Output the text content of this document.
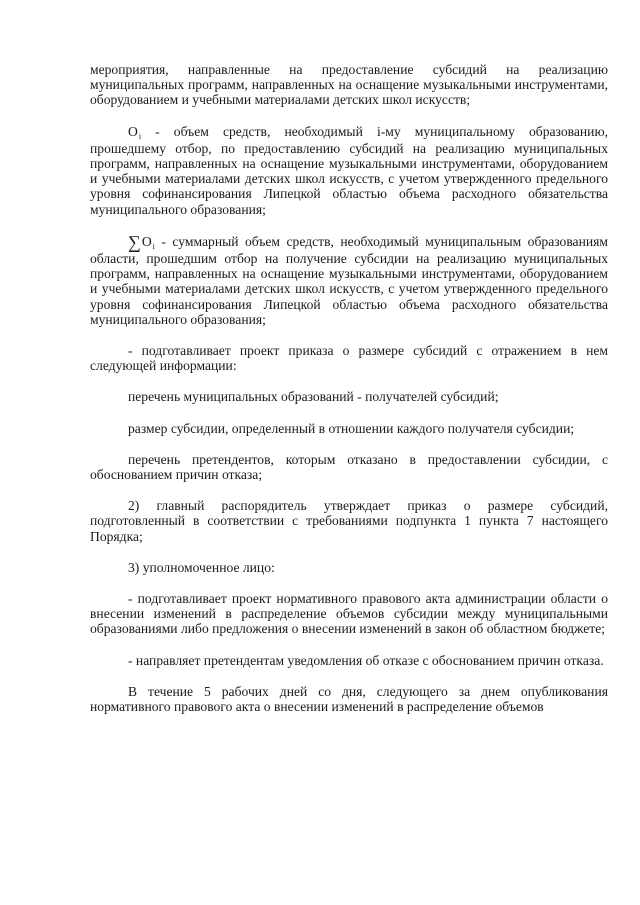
мероприятия, направленные на предоставление субсидий на реализацию муниципальных программ, направленных на оснащение музыкальными инструментами, оборудованием и учебными материалами детских школ искусств;

$O_i$ - объем средств, необходимый i-му муниципальному образованию, прошедшему отбор, по предоставлению субсидий на реализацию муниципальных программ, направленных на оснащение музыкальными инструментами, оборудованием и учебными материалами детских школ искусств, с учетом утвержденного предельного уровня софинансирования Липецкой областью объема расходного обязательства муниципального образования;

$\sum O_i$ - суммарный объем средств, необходимый муниципальным образованиям области, прошедшим отбор на получение субсидии на реализацию муниципальных программ, направленных на оснащение музыкальными инструментами, оборудованием и учебными материалами детских школ искусств, с учетом утвержденного предельного уровня софинансирования Липецкой областью объема расходного обязательства муниципального образования;

- подготавливает проект приказа о размере субсидий с отражением в нем следующей информации:

перечень муниципальных образований - получателей субсидий;

размер субсидии, определенный в отношении каждого получателя субсидии;

перечень претендентов, которым отказано в предоставлении субсидии, с обоснованием причин отказа;

2) главный распорядитель утверждает приказ о размере субсидий, подготовленный в соответствии с требованиями подпункта 1 пункта 7 настоящего Порядка;

3) уполномоченное лицо:

- подготавливает проект нормативного правового акта администрации области о внесении изменений в распределение объемов субсидии между муниципальными образованиями либо предложения о внесении изменений в закон об областном бюджете;

- направляет претендентам уведомления об отказе с обоснованием причин отказа.

В течение 5 рабочих дней со дня, следующего за днем опубликования нормативного правового акта о внесении изменений в распределение объемов
